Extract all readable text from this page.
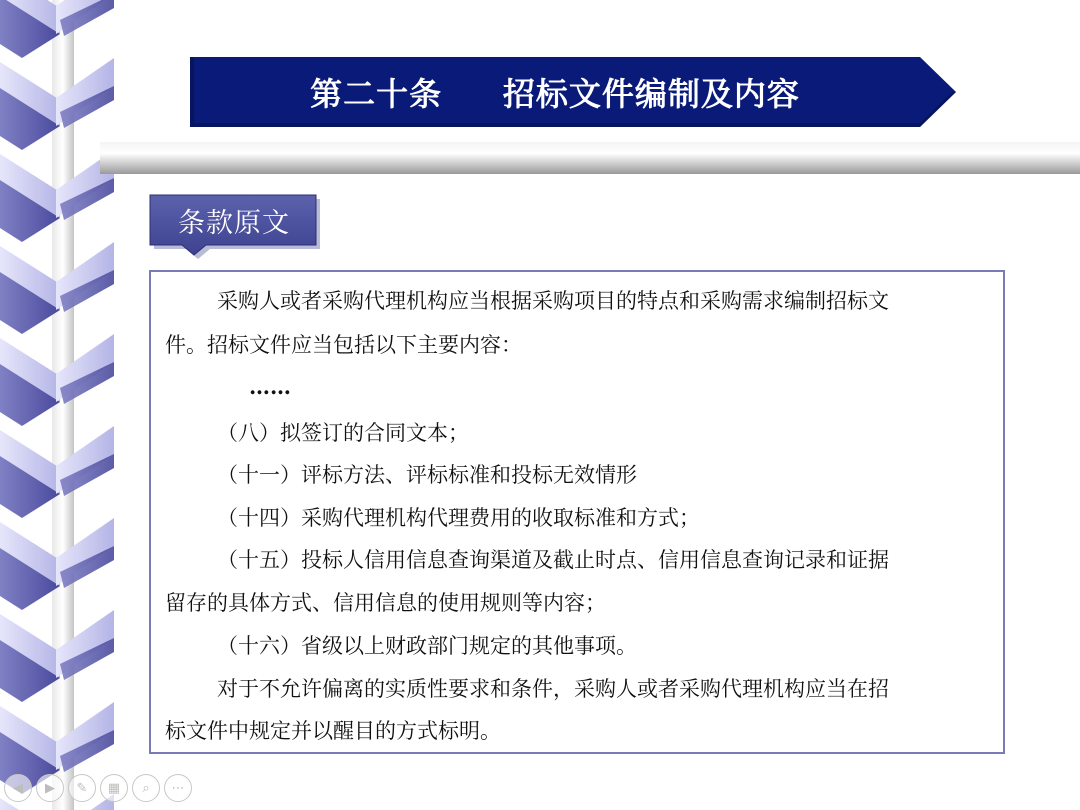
第二十条     招标文件编制及内容
条款原文
采购人或者采购代理机构应当根据采购项目的特点和采购需求编制招标文
件。招标文件应当包括以下主要内容：
……
（八）拟签订的合同文本；
（十一）评标方法、评标标准和投标无效情形
（十四）采购代理机构代理费用的收取标准和方式；
（十五）投标人信用信息查询渠道及截止时点、信用信息查询记录和证据
留存的具体方式、信用信息的使用规则等内容；
（十六）省级以上财政部门规定的其他事项。
对于不允许偏离的实质性要求和条件，采购人或者采购代理机构应当在招
标文件中规定并以醒目的方式标明。
◀	▶	✎	▦	⌕	⋯
